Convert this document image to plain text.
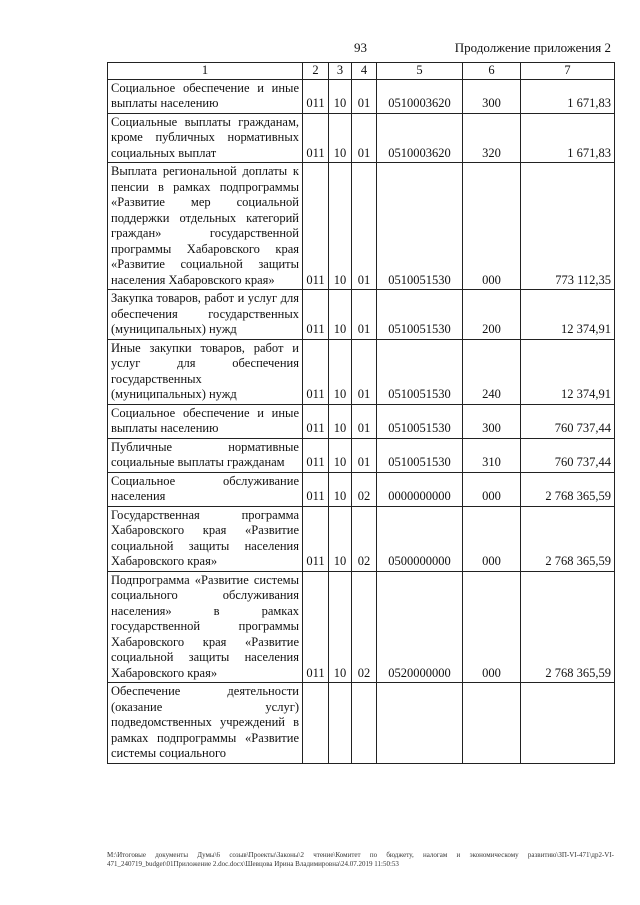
93	Продолжение приложения 2
1	2	3	4	5	6	7
Социальное обеспечение и иные выплаты населению	011	10	01	0510003620	300	1 671,83
Социальные выплаты гражданам, кроме публичных нормативных социальных выплат	011	10	01	0510003620	320	1 671,83
Выплата региональной доплаты к пенсии в рамках подпрограммы «Развитие мер социальной поддержки отдельных категорий граждан» государственной программы Хабаровского края «Развитие социальной защиты населения Хабаровского края»	011	10	01	0510051530	000	773 112,35
Закупка товаров, работ и услуг для обеспечения государственных (муниципальных) нужд	011	10	01	0510051530	200	12 374,91
Иные закупки товаров, работ и услуг для обеспечения государственных (муниципальных) нужд	011	10	01	0510051530	240	12 374,91
Социальное обеспечение и иные выплаты населению	011	10	01	0510051530	300	760 737,44
Публичные нормативные социальные выплаты гражданам	011	10	01	0510051530	310	760 737,44
Социальное обслуживание населения	011	10	02	0000000000	000	2 768 365,59
Государственная программа Хабаровского края «Развитие социальной защиты населения Хабаровского края»	011	10	02	0500000000	000	2 768 365,59
Подпрограмма «Развитие системы социального обслуживания населения» в рамках государственной программы Хабаровского края «Развитие социальной защиты населения Хабаровского края»	011	10	02	0520000000	000	2 768 365,59
Обеспечение деятельности (оказание услуг) подведомственных учреждений в рамках подпрограммы «Развитие системы социального						
M:\Итоговые документы Думы\6 созыв\Проекты\Законы\2 чтение\Комитет по бюджету, налогам и экономическому развитию\ЗП-VI-471\др2-VI-471_240719_budget\01Приложение 2.doc.docx\Шевцова Ирина Владимировна\24.07.2019 11:50:53
